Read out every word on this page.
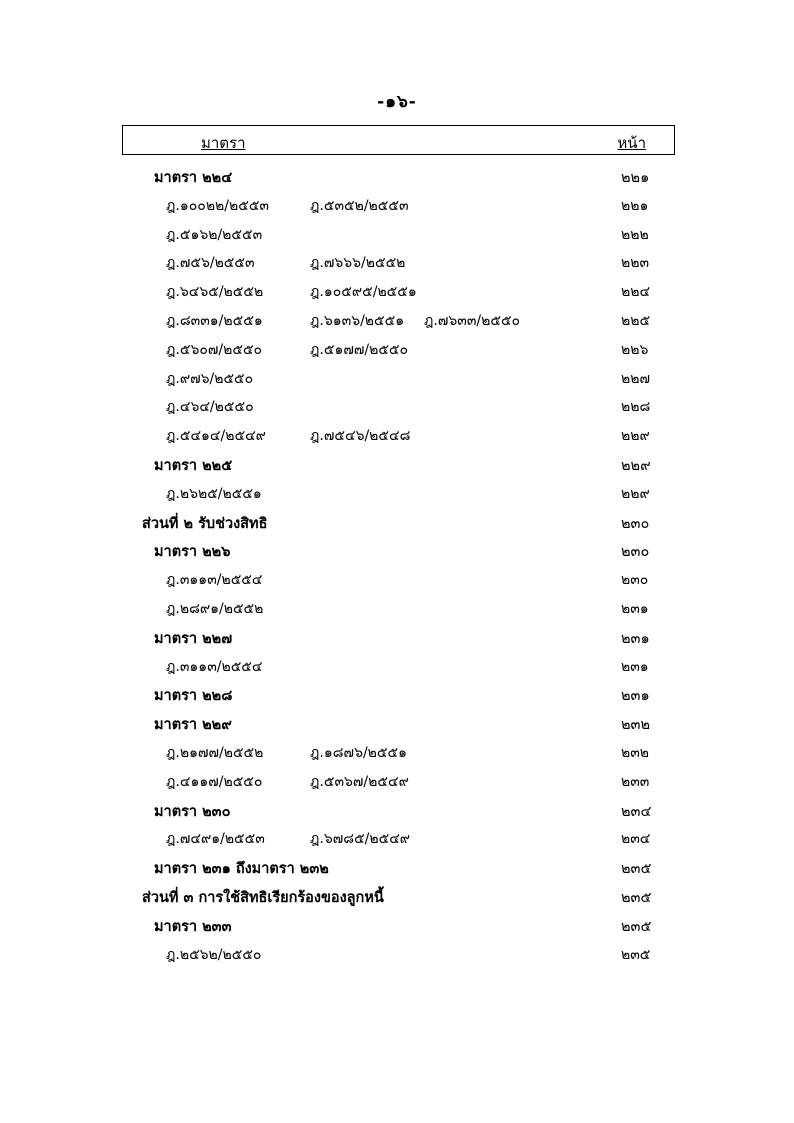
-๑๖-
มาตรา	หน้า
มาตรา ๒๒๔	๒๒๑
ฎ.๑๐๐๒๒/๒๕๕๓	ฎ.๕๓๕๒/๒๕๕๓	๒๒๑
ฎ.๕๑๖๒/๒๕๕๓	๒๒๒
ฎ.๗๕๖/๒๕๕๓	ฎ.๗๖๖๖/๒๕๕๒	๒๒๓
ฎ.๖๔๖๕/๒๕๕๒	ฎ.๑๐๕๙๕/๒๕๕๑	๒๒๔
ฎ.๘๓๓๑/๒๕๕๑	ฎ.๖๑๓๖/๒๕๕๑ ฎ.๗๖๓๓/๒๕๕๐	๒๒๕
ฎ.๕๖๐๗/๒๕๕๐	ฎ.๕๑๗๗/๒๕๕๐	๒๒๖
ฎ.๙๗๖/๒๕๕๐	๒๒๗
ฎ.๔๖๔/๒๕๕๐	๒๒๘
ฎ.๕๔๑๔/๒๕๔๙	ฎ.๗๕๔๖/๒๕๔๘	๒๒๙
มาตรา ๒๒๕	๒๒๙
ฎ.๒๖๒๕/๒๕๕๑	๒๒๙
ส่วนที่ ๒ รับช่วงสิทธิ	๒๓๐
มาตรา ๒๒๖	๒๓๐
ฎ.๓๑๑๓/๒๕๕๔	๒๓๐
ฎ.๒๘๙๑/๒๕๕๒	๒๓๑
มาตรา ๒๒๗	๒๓๑
ฎ.๓๑๑๓/๒๕๕๔	๒๓๑
มาตรา ๒๒๘	๒๓๑
มาตรา ๒๒๙	๒๓๒
ฎ.๒๑๗๗/๒๕๕๒	ฎ.๑๘๗๖/๒๕๕๑	๒๓๒
ฎ.๔๑๑๗/๒๕๕๐	ฎ.๕๓๖๗/๒๕๔๙	๒๓๓
มาตรา ๒๓๐	๒๓๔
ฎ.๗๔๙๑/๒๕๕๓	ฎ.๖๗๘๕/๒๕๔๙	๒๓๔
มาตรา ๒๓๑ ถึงมาตรา ๒๓๒	๒๓๕
ส่วนที่ ๓ การใช้สิทธิเรียกร้องของลูกหนี้	๒๓๕
มาตรา ๒๓๓	๒๓๕
ฎ.๒๕๖๒/๒๕๕๐	๒๓๕
